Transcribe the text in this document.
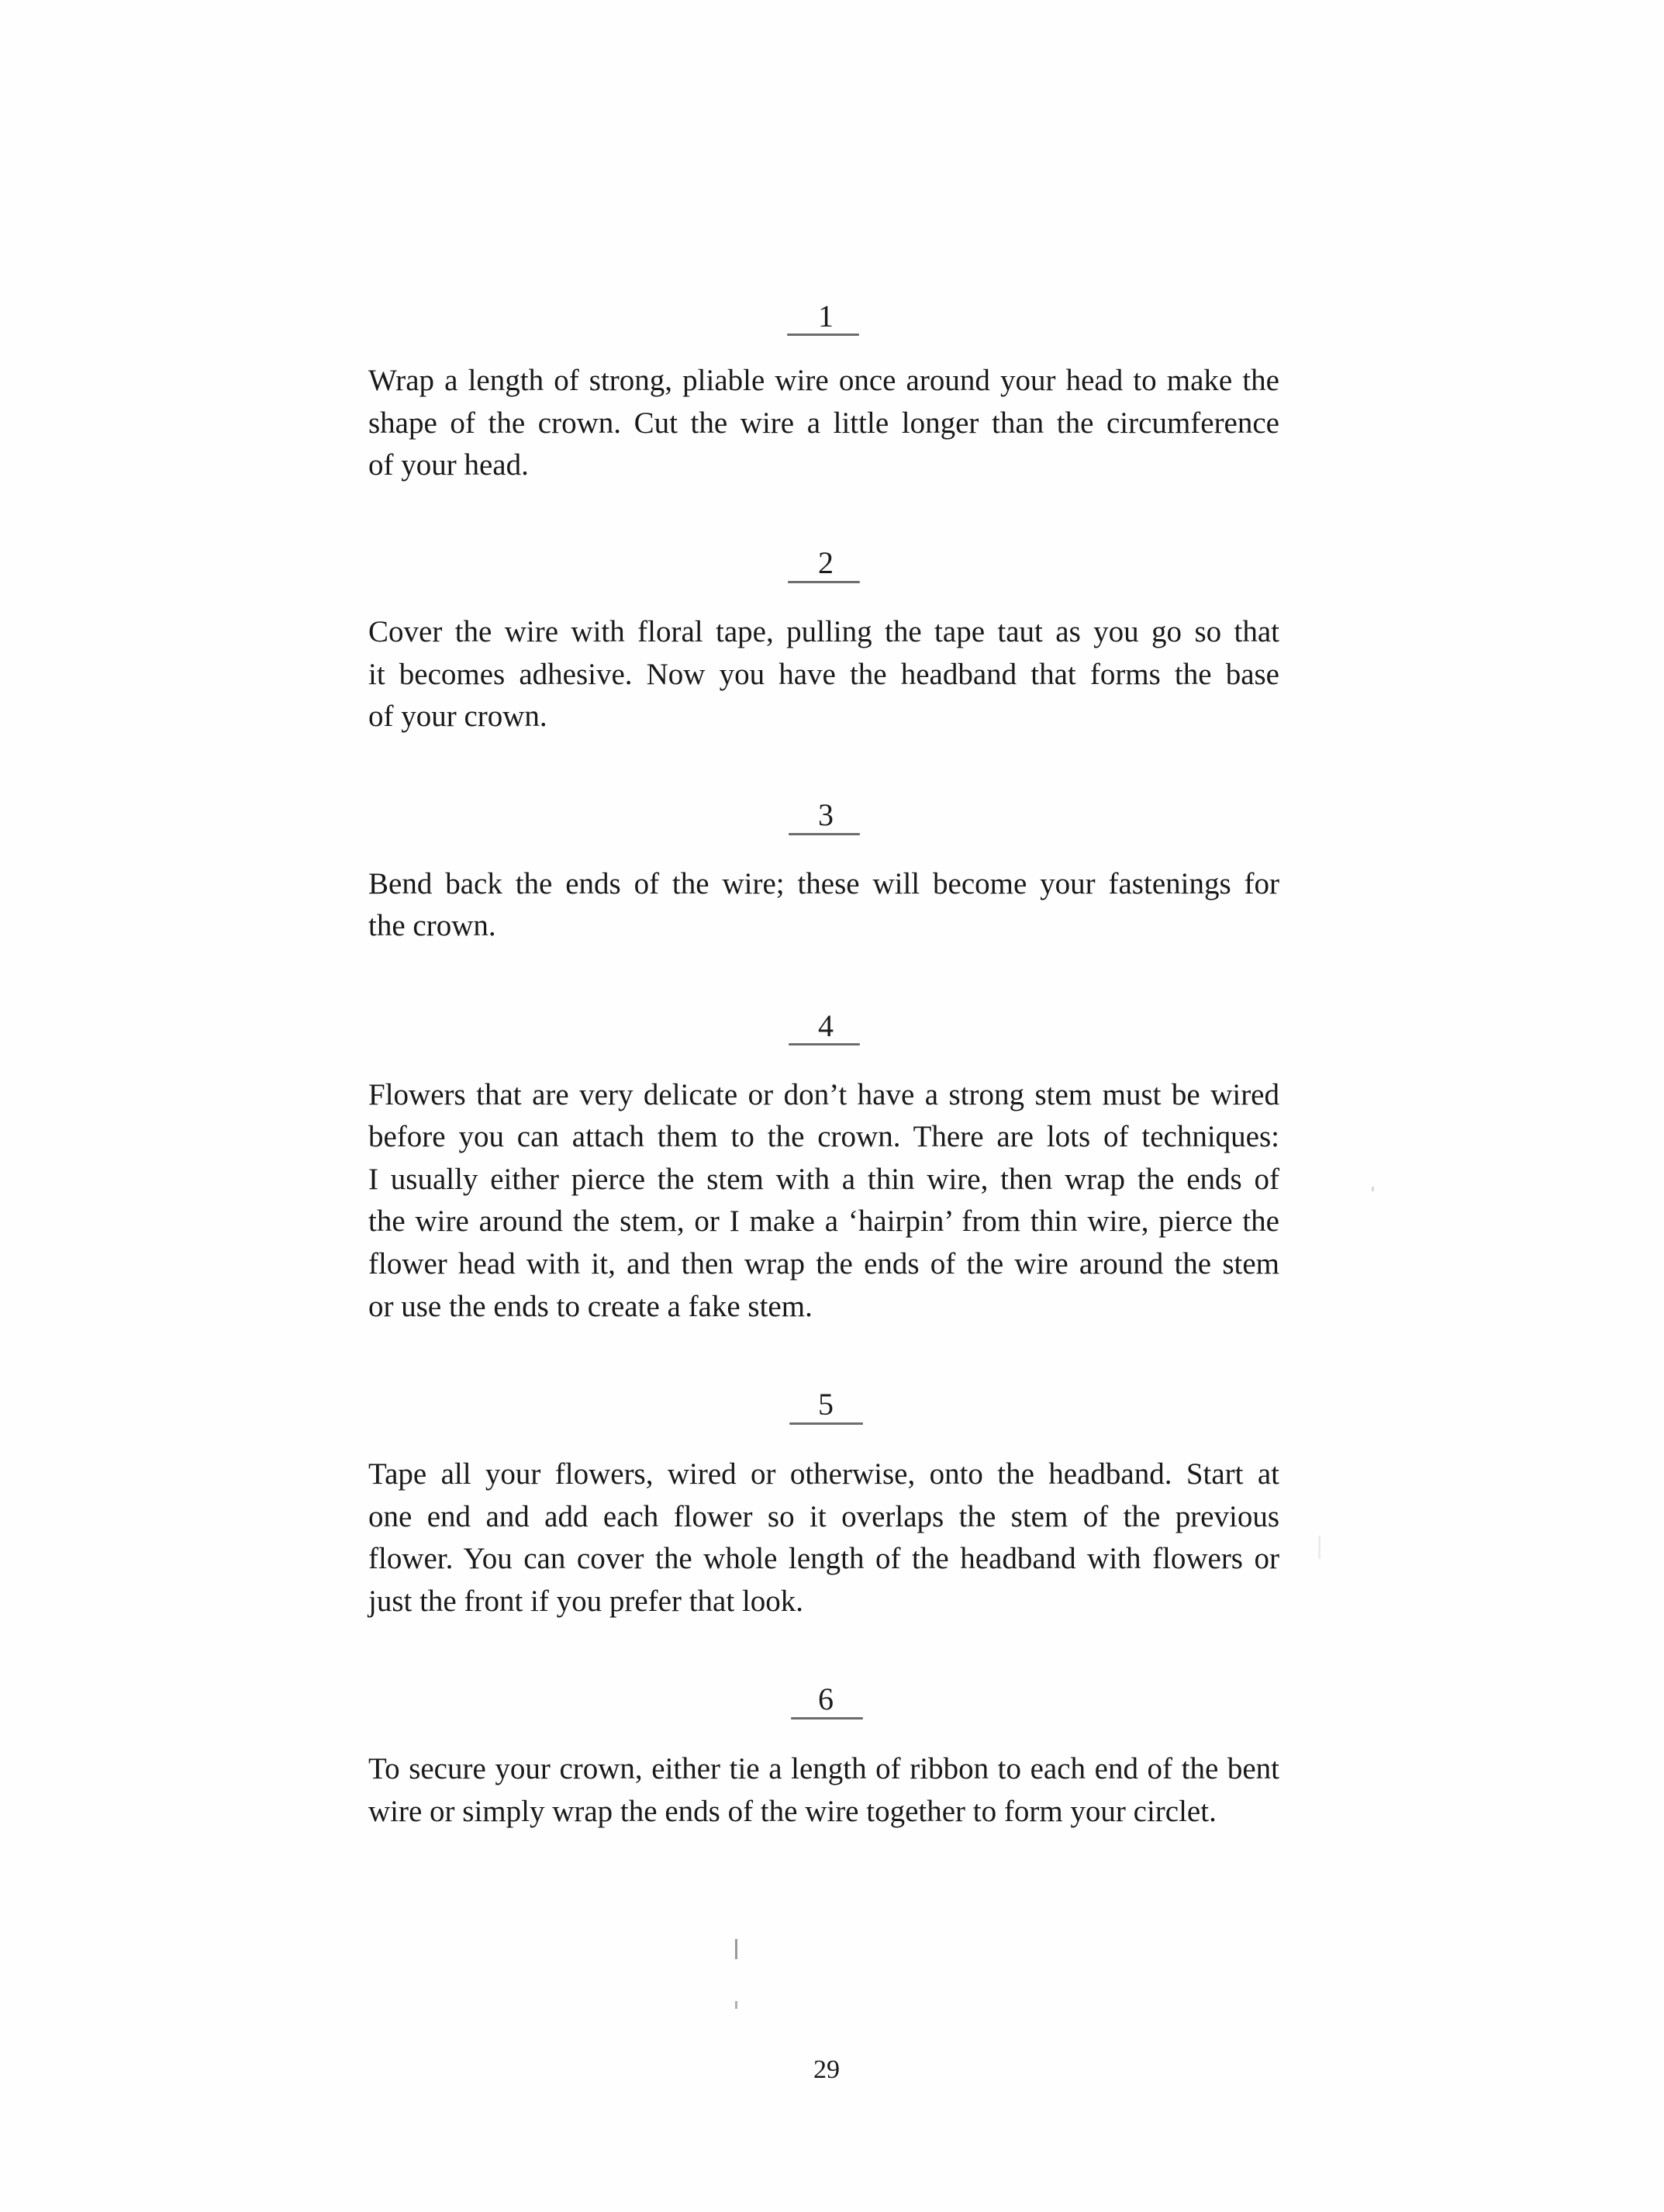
1
Wrap a length of strong, pliable wire once around your head to make the
shape of the crown. Cut the wire a little longer than the circumference
of your head.
2
Cover the wire with floral tape, pulling the tape taut as you go so that
it becomes adhesive. Now you have the headband that forms the base
of your crown.
3
Bend back the ends of the wire; these will become your fastenings for
the crown.
4
Flowers that are very delicate or don’t have a strong stem must be wired
before you can attach them to the crown. There are lots of techniques:
I usually either pierce the stem with a thin wire, then wrap the ends of
the wire around the stem, or I make a ‘hairpin’ from thin wire, pierce the
flower head with it, and then wrap the ends of the wire around the stem
or use the ends to create a fake stem.
5
Tape all your flowers, wired or otherwise, onto the headband. Start at
one end and add each flower so it overlaps the stem of the previous
flower. You can cover the whole length of the headband with flowers or
just the front if you prefer that look.
6
To secure your crown, either tie a length of ribbon to each end of the bent
wire or simply wrap the ends of the wire together to form your circlet.
29
